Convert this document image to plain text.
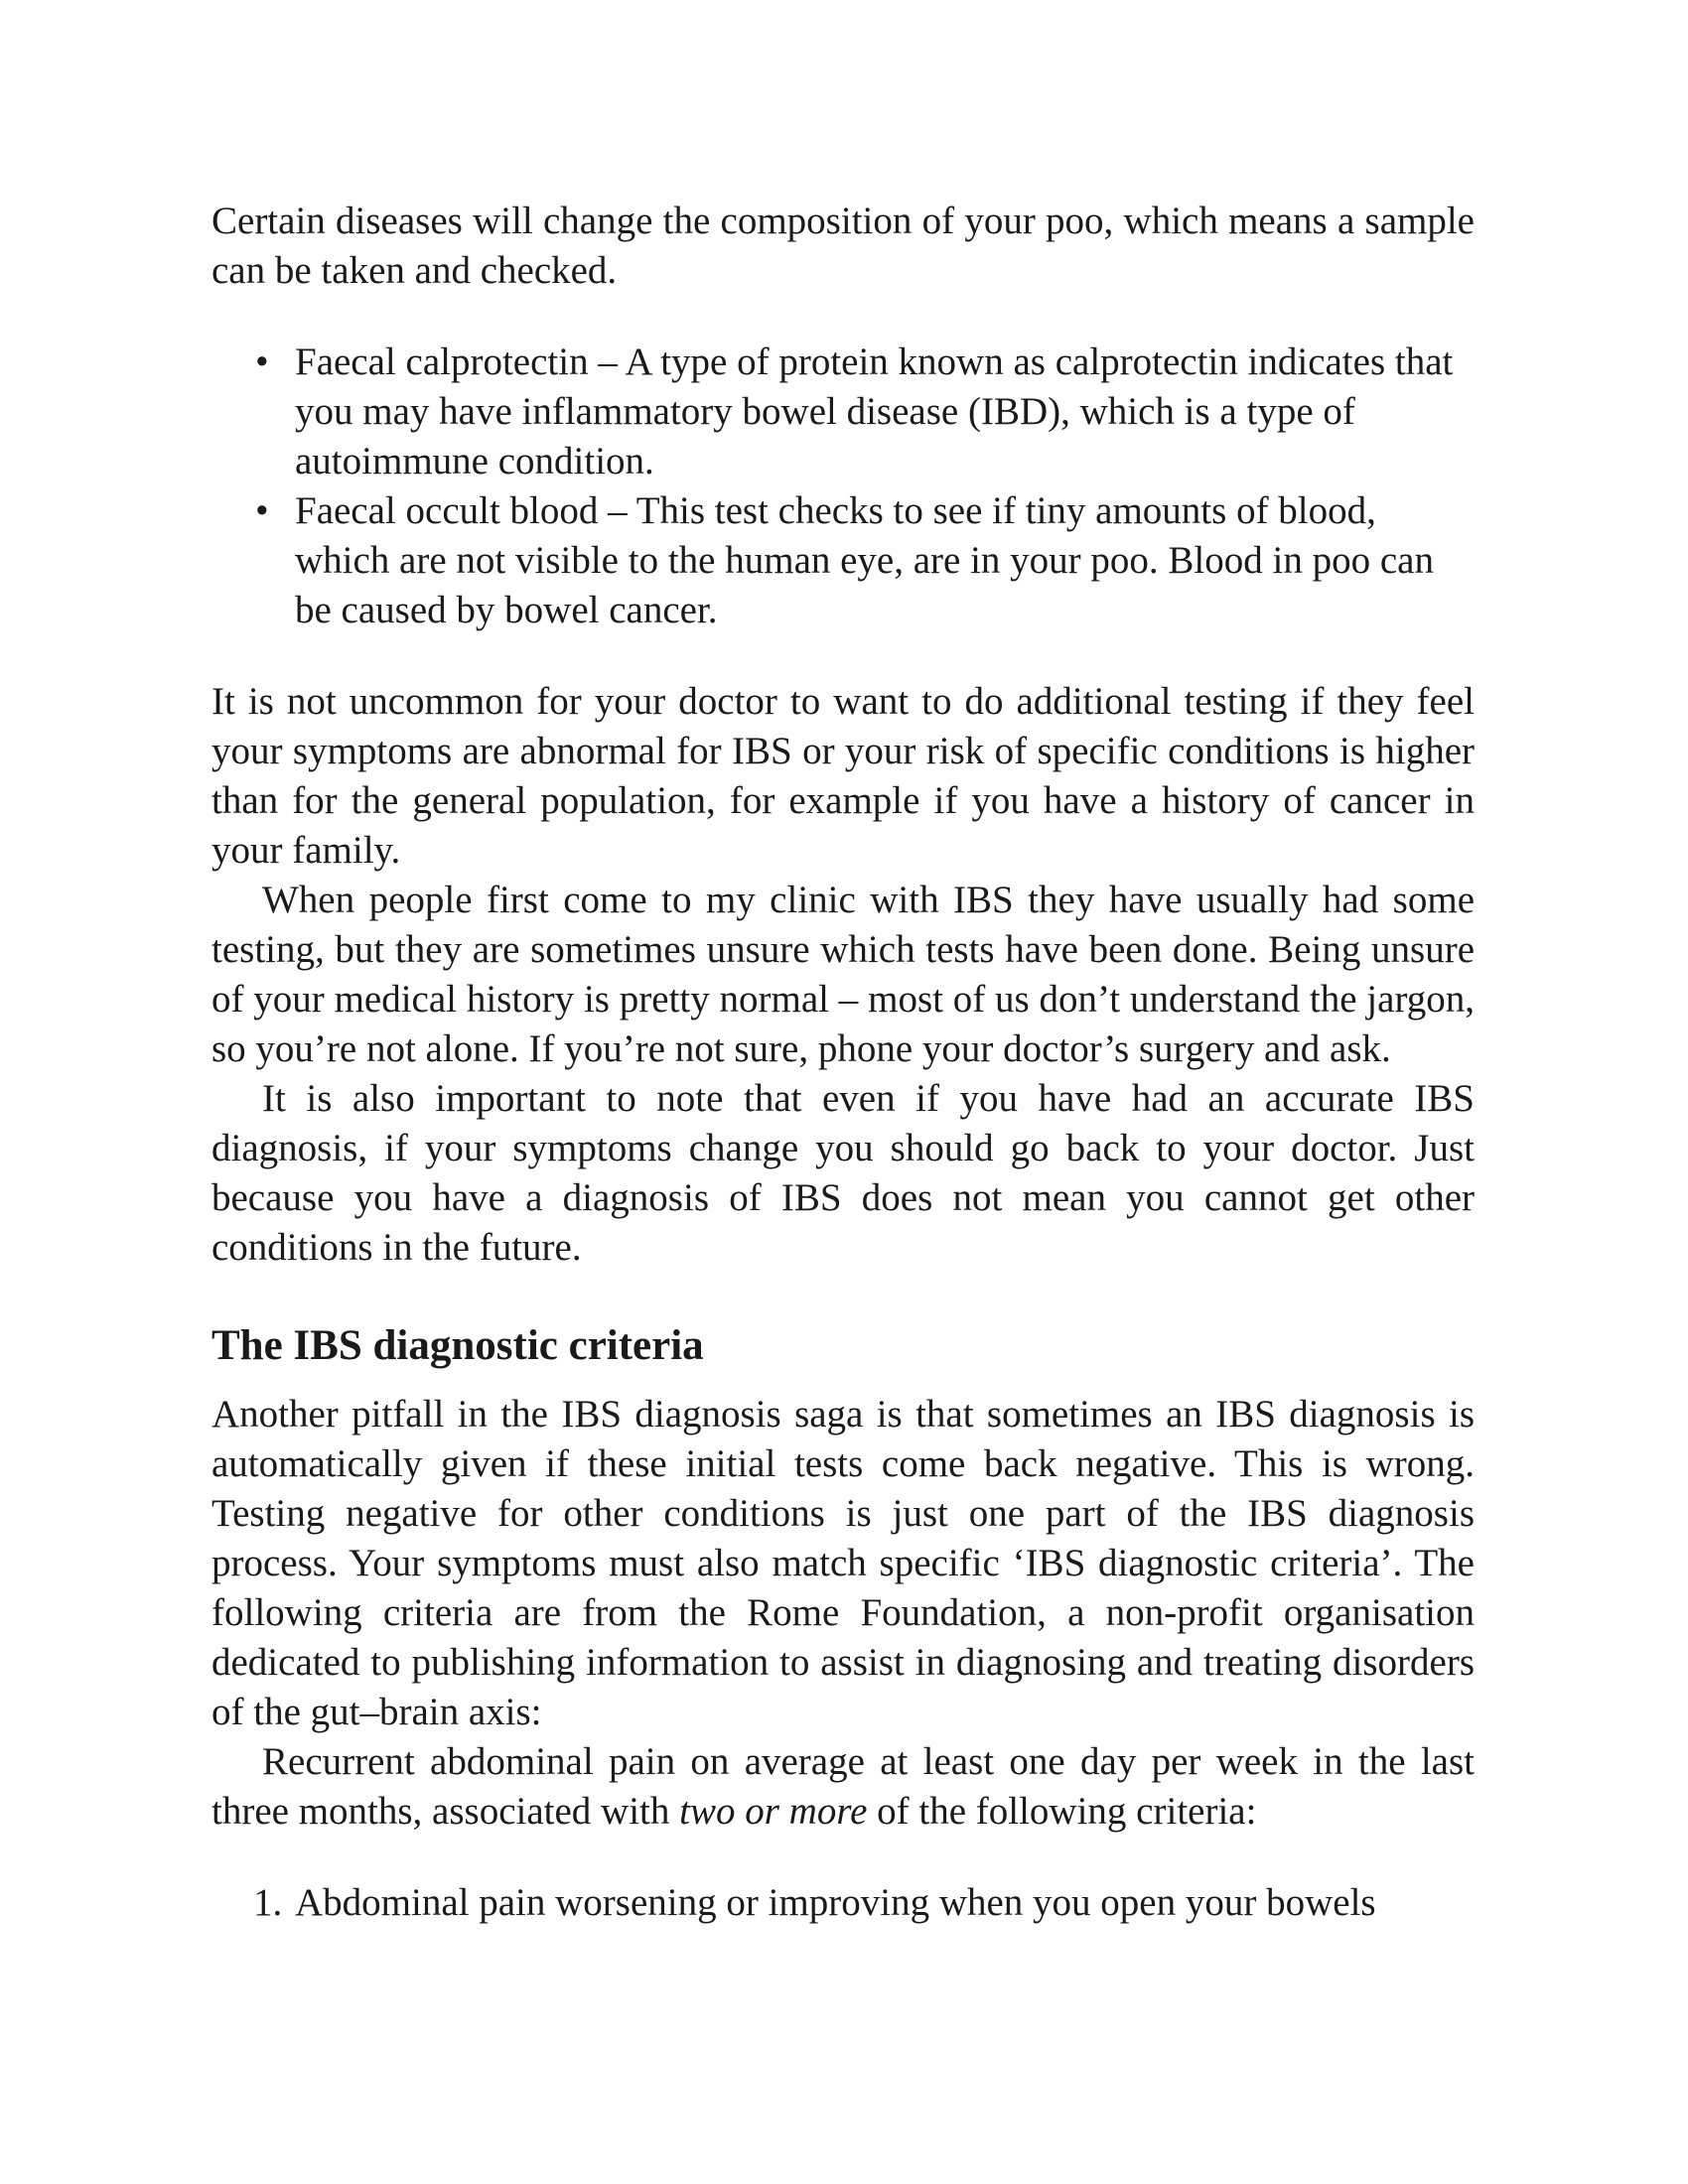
Certain diseases will change the composition of your poo, which means a sample can be taken and checked.

• Faecal calprotectin – A type of protein known as calprotectin indicates that you may have inflammatory bowel disease (IBD), which is a type of autoimmune condition.
• Faecal occult blood – This test checks to see if tiny amounts of blood, which are not visible to the human eye, are in your poo. Blood in poo can be caused by bowel cancer.

It is not uncommon for your doctor to want to do additional testing if they feel your symptoms are abnormal for IBS or your risk of specific conditions is higher than for the general population, for example if you have a history of cancer in your family.

When people first come to my clinic with IBS they have usually had some testing, but they are sometimes unsure which tests have been done. Being unsure of your medical history is pretty normal – most of us don’t understand the jargon, so you’re not alone. If you’re not sure, phone your doctor’s surgery and ask.

It is also important to note that even if you have had an accurate IBS diagnosis, if your symptoms change you should go back to your doctor. Just because you have a diagnosis of IBS does not mean you cannot get other conditions in the future.

The IBS diagnostic criteria

Another pitfall in the IBS diagnosis saga is that sometimes an IBS diagnosis is automatically given if these initial tests come back negative. This is wrong. Testing negative for other conditions is just one part of the IBS diagnosis process. Your symptoms must also match specific ‘IBS diagnostic criteria’. The following criteria are from the Rome Foundation, a non-profit organisation dedicated to publishing information to assist in diagnosing and treating disorders of the gut–brain axis:

Recurrent abdominal pain on average at least one day per week in the last three months, associated with two or more of the following criteria:

1. Abdominal pain worsening or improving when you open your bowels
